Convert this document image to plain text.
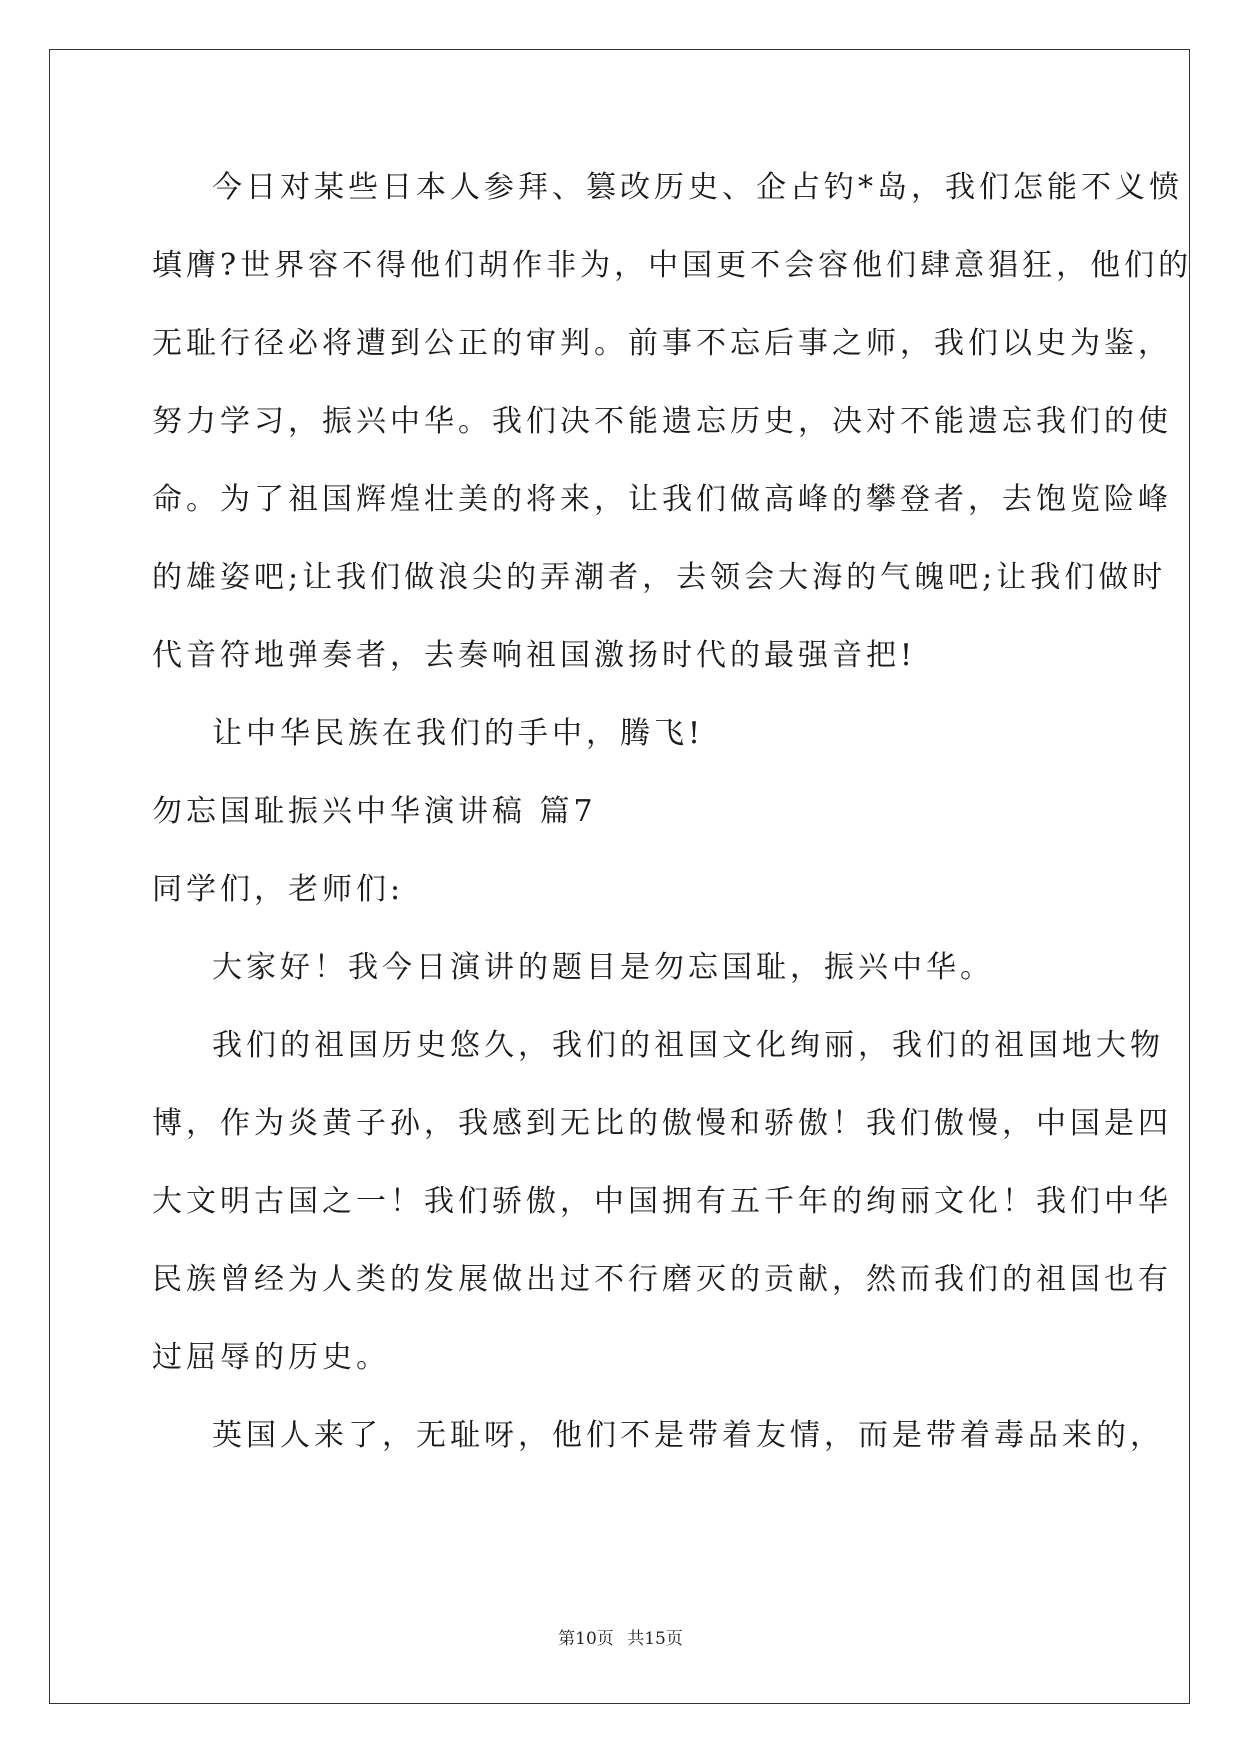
今日对某些日本人参拜、篡改历史、企占钓*岛，我们怎能不义愤
填膺?世界容不得他们胡作非为，中国更不会容他们肆意猖狂，他们的
无耻行径必将遭到公正的审判。前事不忘后事之师，我们以史为鉴，
努力学习，振兴中华。我们决不能遗忘历史，决对不能遗忘我们的使
命。为了祖国辉煌壮美的将来，让我们做高峰的攀登者，去饱览险峰
的雄姿吧;让我们做浪尖的弄潮者，去领会大海的气魄吧;让我们做时
代音符地弹奏者，去奏响祖国激扬时代的最强音把!
让中华民族在我们的手中，腾飞!
勿忘国耻振兴中华演讲稿 篇7
同学们，老师们:
大家好！我今日演讲的题目是勿忘国耻，振兴中华。
我们的祖国历史悠久，我们的祖国文化绚丽，我们的祖国地大物
博，作为炎黄子孙，我感到无比的傲慢和骄傲！我们傲慢，中国是四
大文明古国之一！我们骄傲，中国拥有五千年的绚丽文化！我们中华
民族曾经为人类的发展做出过不行磨灭的贡献，然而我们的祖国也有
过屈辱的历史。
英国人来了，无耻呀，他们不是带着友情，而是带着毒品来的，
第10页 共15页
